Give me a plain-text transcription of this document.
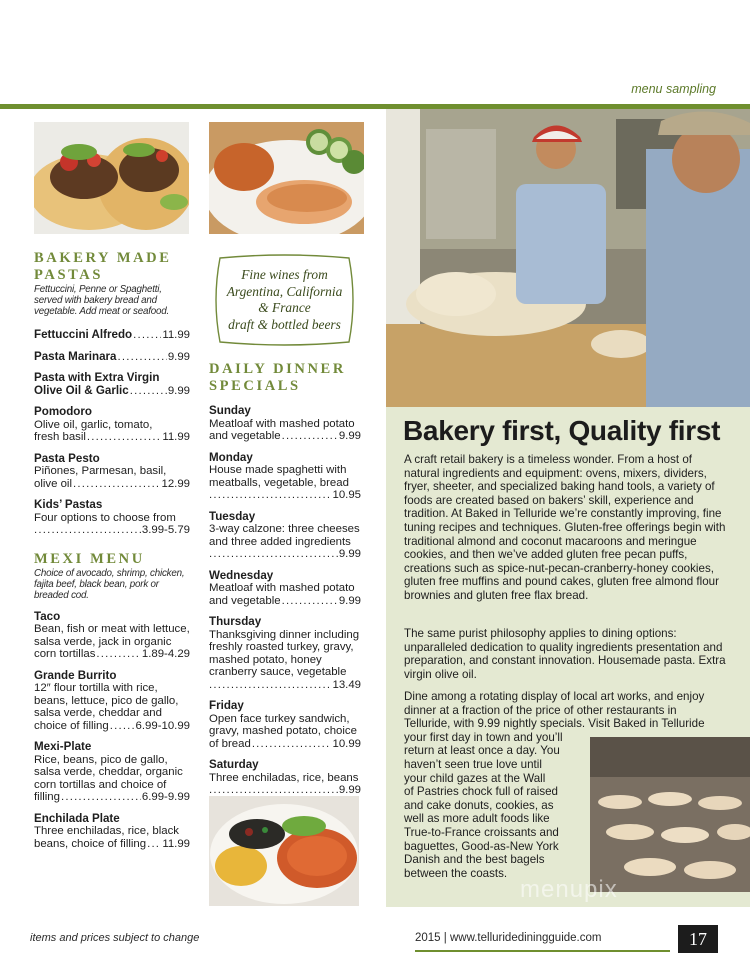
menu sampling
BAKERY MADE
PASTAS
Fettuccini, Penne or Spaghetti, served with bakery bread and vegetable. Add meat or seafood.
Fettuccini Alfredo .....	11.99
Pasta Marinara .....	9.99
Pasta with Extra Virgin
Olive Oil & Garlic .....	9.99
Pomodoro
Olive oil, garlic, tomato,
fresh basil .....	11.99
Pasta Pesto
Piñones, Parmesan, basil,
olive oil .....	12.99
Kids’ Pastas
Four options to choose from
.....
3.99-5.79
MEXI MENU
Choice of avocado, shrimp, chicken, fajita beef, black bean, pork or breaded cod.
Taco
Bean, fish or meat with lettuce,
salsa verde, jack in organic
corn tortillas .....	1.89-4.29
Grande Burrito
12″ flour tortilla with rice,
beans, lettuce, pico de gallo,
salsa verde, cheddar and
choice of filling ..... 6.99-10.99
Mexi-Plate
Rice, beans, pico de gallo,
salsa verde, cheddar, organic
corn tortillas and choice of
filling .....	6.99-9.99
Enchilada Plate
Three enchiladas, rice, black
beans, choice of filling ..... 11.99
Fine wines from
Argentina, California
& France
draft & bottled beers
DAILY DINNER
SPECIALS
Sunday
Meatloaf with mashed potato
and vegetable .....	9.99
Monday
House made spaghetti with
meatballs, vegetable, bread
.....
10.95
Tuesday
3-way calzone: three cheeses
and three added ingredients
.....
9.99
Wednesday
Meatloaf with mashed potato
and vegetable .....	9.99
Thursday
Thanksgiving dinner including
freshly roasted turkey, gravy,
mashed potato, honey
cranberry sauce, vegetable
.....
13.49
Friday
Open face turkey sandwich,
gravy, mashed potato, choice
of bread .....	10.99
Saturday
Three enchiladas, rice, beans
.....
9.99
Bakery first, Quality first

A craft retail bakery is a timeless wonder. From a host of natural ingredients and equipment: ovens, mixers, dividers, fryer, sheeter, and specialized baking hand tools, a variety of foods are created based on bakers’ skill, experience and tradition. At Baked in Telluride we’re constantly improving, fine tuning recipes and techniques. Gluten-free offerings begin with traditional almond and coconut macaroons and meringue cookies, and then we’ve added gluten free pecan puffs, creations such as spice-nut-pecan-cranberry-honey cookies, gluten free muffins and pound cakes, gluten free almond flour brownies and gluten free flax bread.

The same purist philosophy applies to dining options: unparalleled dedication to quality ingredients presentation and preparation, and constant innovation. Housemade pasta. Extra virgin olive oil.

Dine among a rotating display of local art works, and enjoy
dinner at a fraction of the price of other restaurants in
Telluride, with 9.99 nightly specials. Visit Baked in Telluride
your first day in town and you’ll
return at least once a day. You
haven’t seen true love until
your child gazes at the Wall
of Pastries chock full of raised
and cake donuts, cookies, as
well as more adult foods like
True-to-France croissants and
baguettes, Good-as-New York
Danish and the best bagels
between the coasts.
menupix
items and prices subject to change	2015 | www.telluridediningguide.com	17
